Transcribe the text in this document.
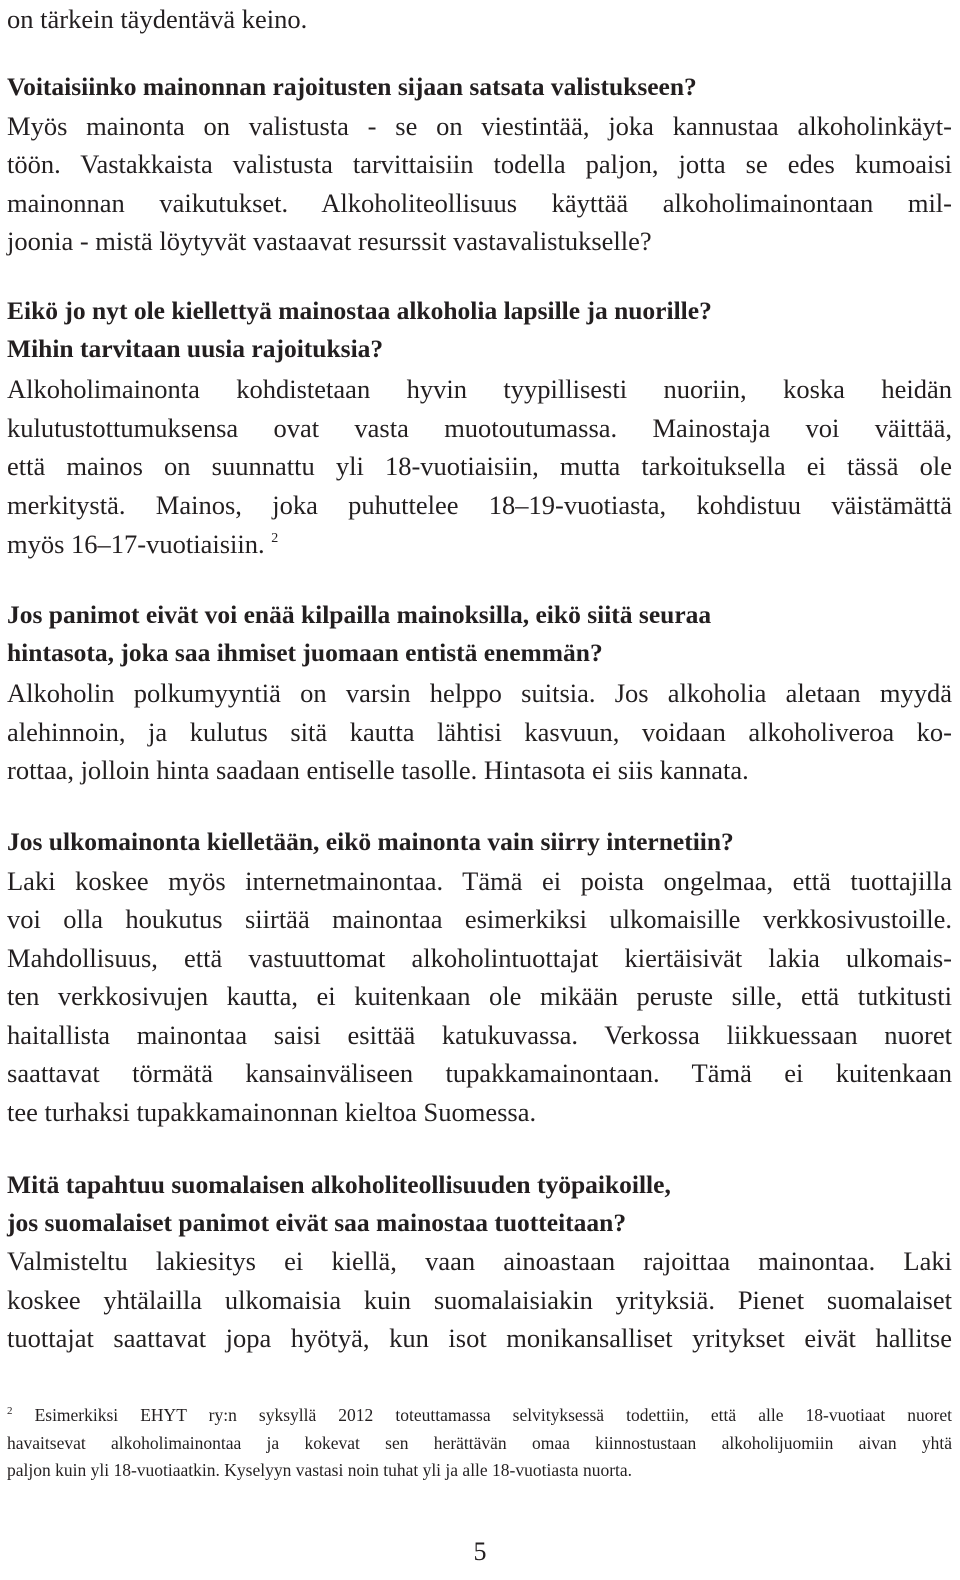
on tärkein täydentävä keino.
Voitaisiinko mainonnan rajoitusten sijaan satsata valistukseen?
Myös mainonta on valistusta - se on viestintää, joka kannustaa alkoholinkäyt-
töön. Vastakkaista valistusta tarvittaisiin todella paljon, jotta se edes kumoaisi
mainonnan vaikutukset. Alkoholiteollisuus käyttää alkoholimainontaan mil-
joonia - mistä löytyvät vastaavat resurssit vastavalistukselle?
Eikö jo nyt ole kiellettyä mainostaa alkoholia lapsille ja nuorille?
Mihin tarvitaan uusia rajoituksia?
Alkoholimainonta kohdistetaan hyvin tyypillisesti nuoriin, koska heidän
kulutustottumuksensa ovat vasta muotoutumassa. Mainostaja voi väittää,
että mainos on suunnattu yli 18-vuotiaisiin, mutta tarkoituksella ei tässä ole
merkitystä. Mainos, joka puhuttelee 18–19-vuotiasta, kohdistuu väistämättä
myös 16–17-vuotiaisiin. $^2$
Jos panimot eivät voi enää kilpailla mainoksilla, eikö siitä seuraa
hintasota, joka saa ihmiset juomaan entistä enemmän?
Alkoholin polkumyyntiä on varsin helppo suitsia. Jos alkoholia aletaan myydä
alehinnoin, ja kulutus sitä kautta lähtisi kasvuun, voidaan alkoholiveroa ko-
rottaa, jolloin hinta saadaan entiselle tasolle. Hintasota ei siis kannata.
Jos ulkomainonta kielletään, eikö mainonta vain siirry internetiin?
Laki koskee myös internetmainontaa. Tämä ei poista ongelmaa, että tuottajilla
voi olla houkutus siirtää mainontaa esimerkiksi ulkomaisille verkkosivustoille.
Mahdollisuus, että vastuuttomat alkoholintuottajat kiertäisivät lakia ulkomais-
ten verkkosivujen kautta, ei kuitenkaan ole mikään peruste sille, että tutkitusti
haitallista mainontaa saisi esittää katukuvassa. Verkossa liikkuessaan nuoret
saattavat törmätä kansainväliseen tupakkamainontaan. Tämä ei kuitenkaan
tee turhaksi tupakkamainonnan kieltoa Suomessa.
Mitä tapahtuu suomalaisen alkoholiteollisuuden työpaikoille,
jos suomalaiset panimot eivät saa mainostaa tuotteitaan?
Valmisteltu lakiesitys ei kiellä, vaan ainoastaan rajoittaa mainontaa. Laki
koskee yhtälailla ulkomaisia kuin suomalaisiakin yrityksiä. Pienet suomalaiset
tuottajat saattavat jopa hyötyä, kun isot monikansalliset yritykset eivät hallitse
$^2$ Esimerkiksi EHYT ry:n syksyllä 2012 toteuttamassa selvityksessä todettiin, että alle 18-vuotiaat nuoret
havaitsevat alkoholimainontaa ja kokevat sen herättävän omaa kiinnostustaan alkoholijuomiin aivan yhtä
paljon kuin yli 18-vuotiaatkin. Kyselyyn vastasi noin tuhat yli ja alle 18-vuotiasta nuorta.
5
